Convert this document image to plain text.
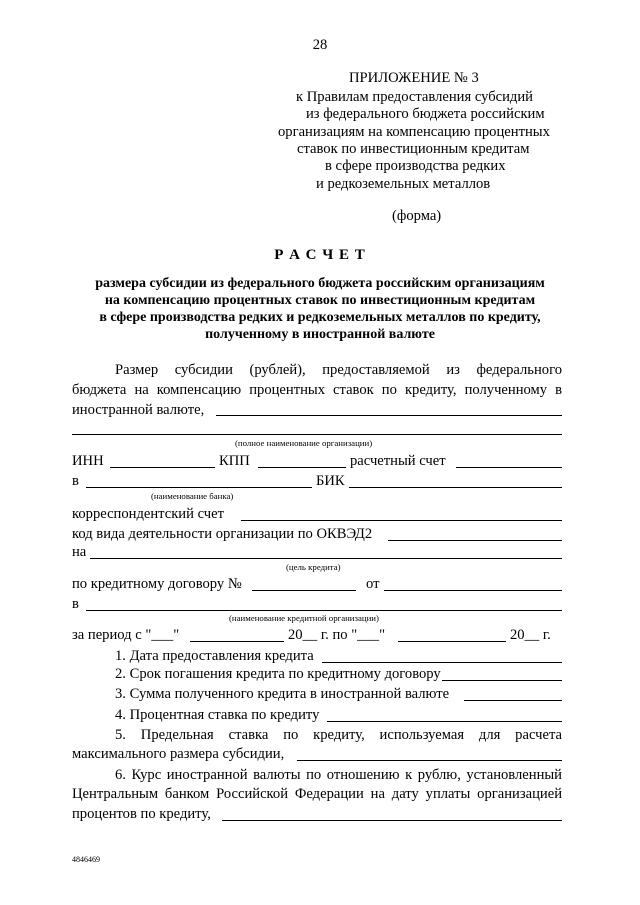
28
ПРИЛОЖЕНИЕ № 3
к Правилам предоставления субсидий
из федерального бюджета российским
организациям на компенсацию процентных
ставок по инвестиционным кредитам
в сфере производства редких
и редкоземельных металлов
(форма)
Р А С Ч Е Т
размера субсидии из федерального бюджета российским организациям
на компенсацию процентных ставок по инвестиционным кредитам
в сфере производства редких и редкоземельных металлов по кредиту,
полученному в иностранной валюте
Размер субсидии (рублей), предоставляемой из федерального
бюджета на компенсацию процентных ставок по кредиту, полученному в
иностранной валюте,
(полное наименование организации)
ИНН	КПП	расчетный счет
в	БИК
(наименование банка)
корреспондентский счет
код вида деятельности организации по ОКВЭД2
на
(цель кредита)
по кредитному договору №	от
в
(наименование кредитной организации)
за период с "___"	20__ г. по "___"	20__ г.
1. Дата предоставления кредита
2. Срок погашения кредита по кредитному договору
3. Сумма полученного кредита в иностранной валюте
4. Процентная ставка по кредиту
5. Предельная ставка по кредиту, используемая для расчета
максимального размера субсидии,
6. Курс иностранной валюты по отношению к рублю, установленный
Центральным банком Российской Федерации на дату уплаты организацией
процентов по кредиту,
4846469
